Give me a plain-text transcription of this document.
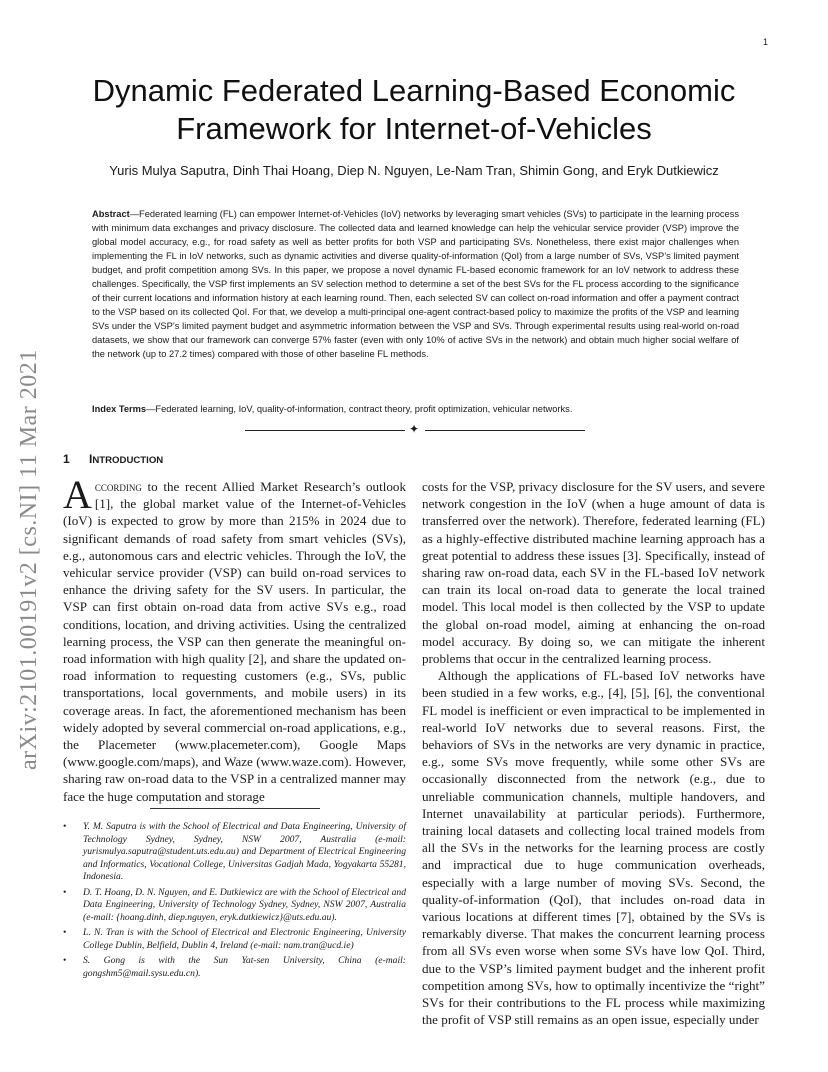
1
arXiv:2101.00191v2 [cs.NI] 11 Mar 2021
Dynamic Federated Learning-Based Economic
Framework for Internet-of-Vehicles
Yuris Mulya Saputra, Dinh Thai Hoang, Diep N. Nguyen, Le-Nam Tran, Shimin Gong, and Eryk Dutkiewicz

Abstract—Federated learning (FL) can empower Internet-of-Vehicles (IoV) networks by leveraging smart vehicles (SVs) to participate in the learning process with minimum data exchanges and privacy disclosure. The collected data and learned knowledge can help the vehicular service provider (VSP) improve the global model accuracy, e.g., for road safety as well as better profits for both VSP and participating SVs. Nonetheless, there exist major challenges when implementing the FL in IoV networks, such as dynamic activities and diverse quality-of-information (QoI) from a large number of SVs, VSP’s limited payment budget, and profit competition among SVs. In this paper, we propose a novel dynamic FL-based economic framework for an IoV network to address these challenges. Specifically, the VSP first implements an SV selection method to determine a set of the best SVs for the FL process according to the significance of their current locations and information history at each learning round. Then, each selected SV can collect on-road information and offer a payment contract to the VSP based on its collected QoI. For that, we develop a multi-principal one-agent contract-based policy to maximize the profits of the VSP and learning SVs under the VSP’s limited payment budget and asymmetric information between the VSP and SVs. Through experimental results using real-world on-road datasets, we show that our framework can converge 57% faster (even with only 10% of active SVs in the network) and obtain much higher social welfare of the network (up to 27.2 times) compared with those of other baseline FL methods.

Index Terms—Federated learning, IoV, quality-of-information, contract theory, profit optimization, vehicular networks.
✦
1 INTRODUCTION

According to the recent Allied Market Research’s outlook [1], the global market value of the Internet-of-Vehicles (IoV) is expected to grow by more than 215% in 2024 due to significant demands of road safety from smart vehicles (SVs), e.g., autonomous cars and electric vehicles. Through the IoV, the vehicular service provider (VSP) can build on-road services to enhance the driving safety for the SV users. In particular, the VSP can first obtain on-road data from active SVs e.g., road conditions, location, and driving activities. Using the centralized learning process, the VSP can then generate the meaningful on-road information with high quality [2], and share the updated on-road information to requesting customers (e.g., SVs, public transportations, local governments, and mobile users) in its coverage areas. In fact, the aforementioned mechanism has been widely adopted by several commercial on-road applications, e.g., the Placemeter (www.placemeter.com), Google Maps (www.google.com/maps), and Waze (www.waze.com). However, sharing raw on-road data to the VSP in a centralized manner may face the huge computation and storage

costs for the VSP, privacy disclosure for the SV users, and severe network congestion in the IoV (when a huge amount of data is transferred over the network). Therefore, federated learning (FL) as a highly-effective distributed machine learning approach has a great potential to address these issues [3]. Specifically, instead of sharing raw on-road data, each SV in the FL-based IoV network can train its local on-road data to generate the local trained model. This local model is then collected by the VSP to update the global on-road model, aiming at enhancing the on-road model accuracy. By doing so, we can mitigate the inherent problems that occur in the centralized learning process.

Although the applications of FL-based IoV networks have been studied in a few works, e.g., [4], [5], [6], the conventional FL model is inefficient or even impractical to be implemented in real-world IoV networks due to several reasons. First, the behaviors of SVs in the networks are very dynamic in practice, e.g., some SVs move frequently, while some other SVs are occasionally disconnected from the network (e.g., due to unreliable communication channels, multiple handovers, and Internet unavailability at particular periods). Furthermore, training local datasets and collecting local trained models from all the SVs in the networks for the learning process are costly and impractical due to huge communication overheads, especially with a large number of moving SVs. Second, the quality-of-information (QoI), that includes on-road data in various locations at different times [7], obtained by the SVs is remarkably diverse. That makes the concurrent learning process from all SVs even worse when some SVs have low QoI. Third, due to the VSP’s limited payment budget and the inherent profit competition among SVs, how to optimally incentivize the “right” SVs for their contributions to the FL process while maximizing the profit of VSP still remains as an open issue, especially under

• Y. M. Saputra is with the School of Electrical and Data Engineering, University of Technology Sydney, Sydney, NSW 2007, Australia (e-mail: yurismulya.saputra@student.uts.edu.au) and Department of Electrical Engineering and Informatics, Vocational College, Universitas Gadjah Mada, Yogyakarta 55281, Indonesia.

• D. T. Hoang, D. N. Nguyen, and E. Dutkiewicz are with the School of Electrical and Data Engineering, University of Technology Sydney, Sydney, NSW 2007, Australia (e-mail: {hoang.dinh, diep.nguyen, eryk.dutkiewicz}@uts.edu.au).

• L. N. Tran is with the School of Electrical and Electronic Engineering, University College Dublin, Belfield, Dublin 4, Ireland (e-mail: nam.tran@ucd.ie)

• S. Gong is with the Sun Yat-sen University, China (e-mail: gongshm5@mail.sysu.edu.cn).
